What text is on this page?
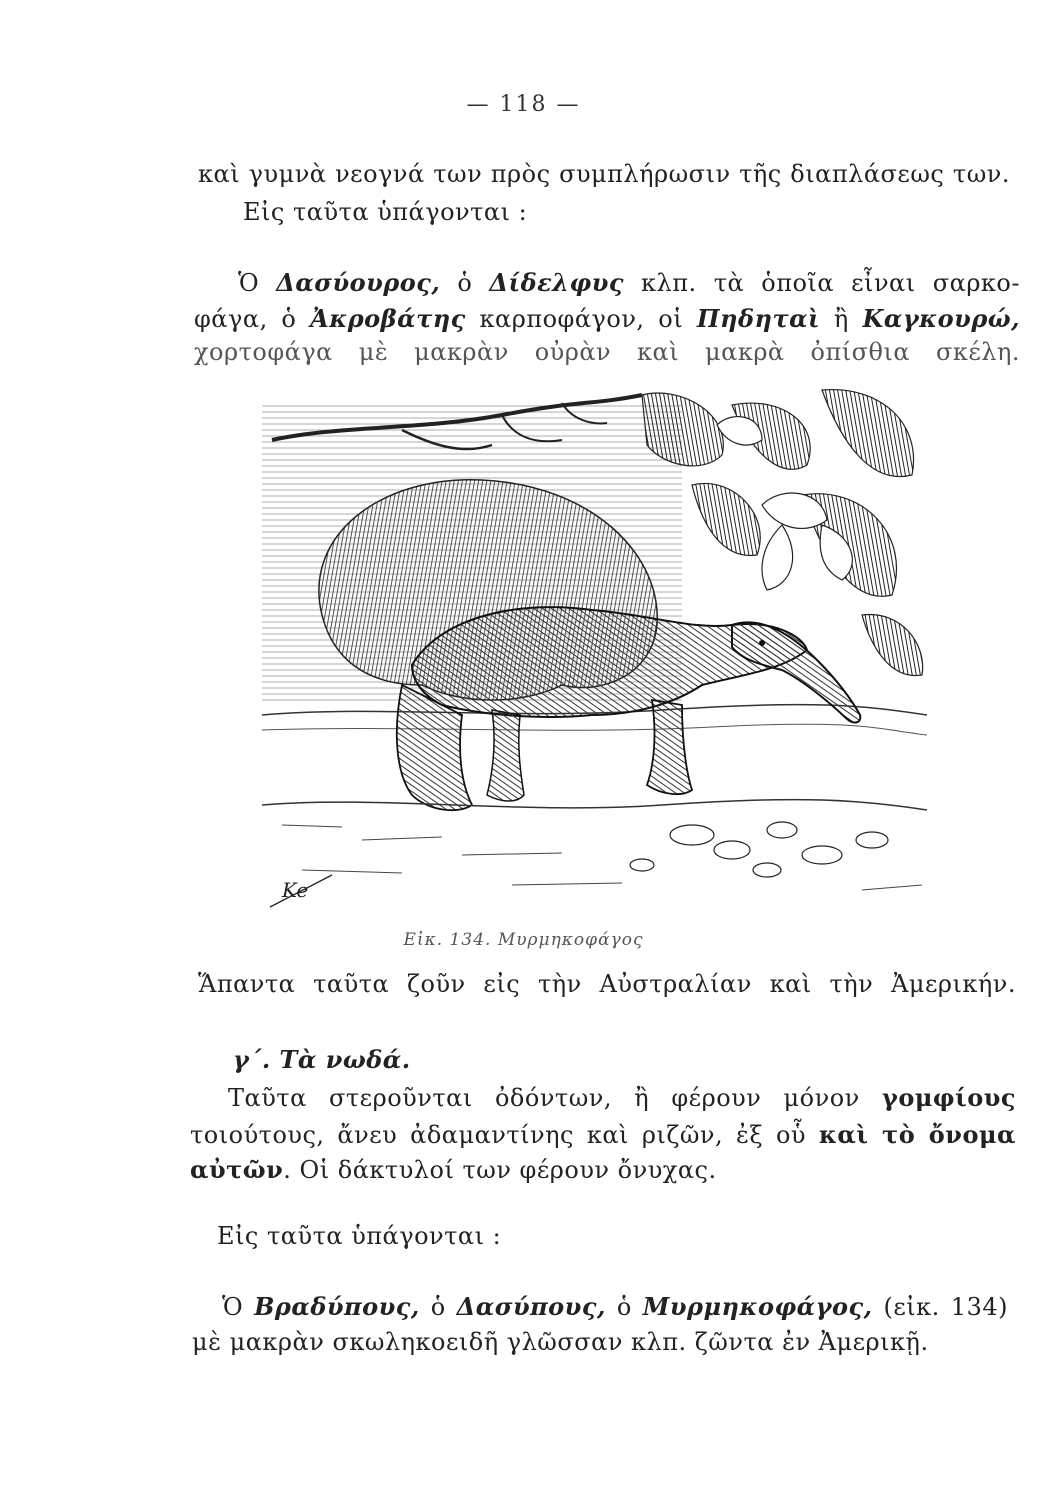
— 118 —
καὶ γυμνὰ νεογνά των πρὸς συμπλήρωσιν τῆς διαπλάσεως των.
Εἰς ταῦτα ὑπάγονται :
Ὁ Δασύουρος, ὁ Δίδελφυς κλπ. τὰ ὁποῖα εἶναι σαρκο-
φάγα, ὁ Ἀκροβάτης καρποφάγον, οἱ Πηδηταὶ ἢ Καγκουρώ,
χορτοφάγα μὲ μακρὰν οὐρὰν καὶ μακρὰ ὀπίσθια σκέλη.
Ke
Εἰκ. 134. Μυρμηκοφάγος
Ἅπαντα ταῦτα ζοῦν εἰς τὴν Αὐστραλίαν καὶ τὴν Ἀμερικήν.
γ΄. Τὰ νωδά.
Ταῦτα στεροῦνται ὀδόντων, ἢ φέρουν μόνον γομφίους
τοιούτους, ἄνευ ἀδαμαντίνης καὶ ριζῶν, ἐξ οὗ καὶ τὸ ὄνομα
αὐτῶν. Οἱ δάκτυλοί των φέρουν ὄνυχας.
Εἰς ταῦτα ὑπάγονται :
Ὁ Βραδύπους, ὁ Δασύπους, ὁ Μυρμηκοφάγος, (εἰκ. 134)
μὲ μακρὰν σκωληκοειδῆ γλῶσσαν κλπ. ζῶντα ἐν Ἀμερικῇ.
